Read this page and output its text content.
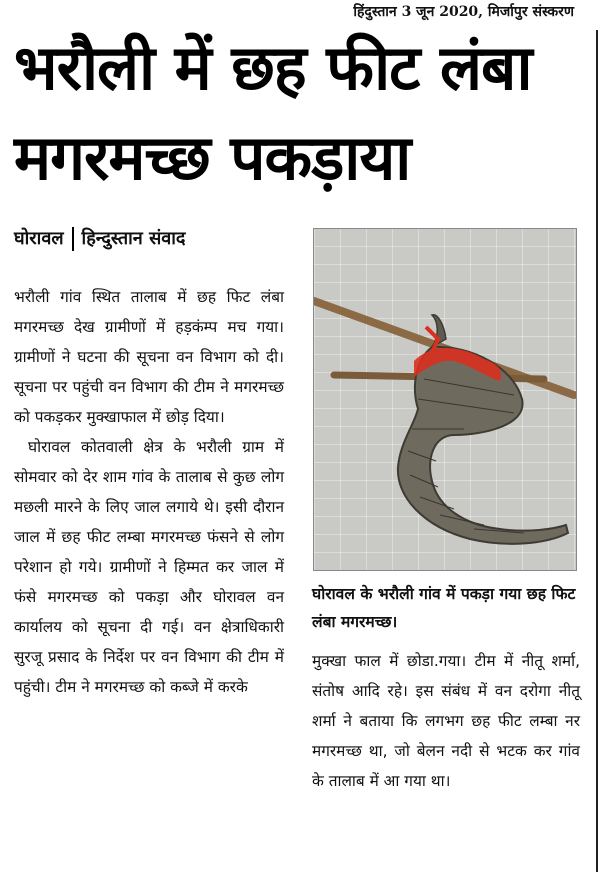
हिंदुस्तान 3 जून 2020, मिर्जापुर संस्करण
भरौली में छह फीट लंबा
मगरमच्छ पकड़ाया
घोरावल हिन्दुस्तान संवाद

भरौली गांव स्थित तालाब में छह फिट लंबा मगरमच्छ देख ग्रामीणों में हड़कंम्प मच गया। ग्रामीणों ने घटना की सूचना वन विभाग को दी। सूचना पर पहुंची वन विभाग की टीम ने मगरमच्छ को पकड़कर मुक्खाफाल में छोड़ दिया।

घोरावल कोतवाली क्षेत्र के भरौली ग्राम में सोमवार को देर शाम गांव के तालाब से कुछ लोग मछली मारने के लिए जाल लगाये थे। इसी दौरान जाल में छह फीट लम्बा मगरमच्छ फंसने से लोग परेशान हो गये। ग्रामीणों ने हिम्मत कर जाल में फंसे मगरमच्छ को पकड़ा और घोरावल वन कार्यालय को सूचना दी गई। वन क्षेत्राधिकारी सुरजू प्रसाद के निर्देश पर वन विभाग की टीम में पहुंची। टीम ने मगरमच्छ को कब्जे में करके

घोरावल के भरौली गांव में पकड़ा गया छह फिट लंबा मगरमच्छ।

मुक्खा फाल में छोडा.गया। टीम में नीतू शर्मा, संतोष आदि रहे। इस संबंध में वन दरोगा नीतू शर्मा ने बताया कि लगभग छह फीट लम्बा नर मगरमच्छ था, जो बेलन नदी से भटक कर गांव के तालाब में आ गया था।
